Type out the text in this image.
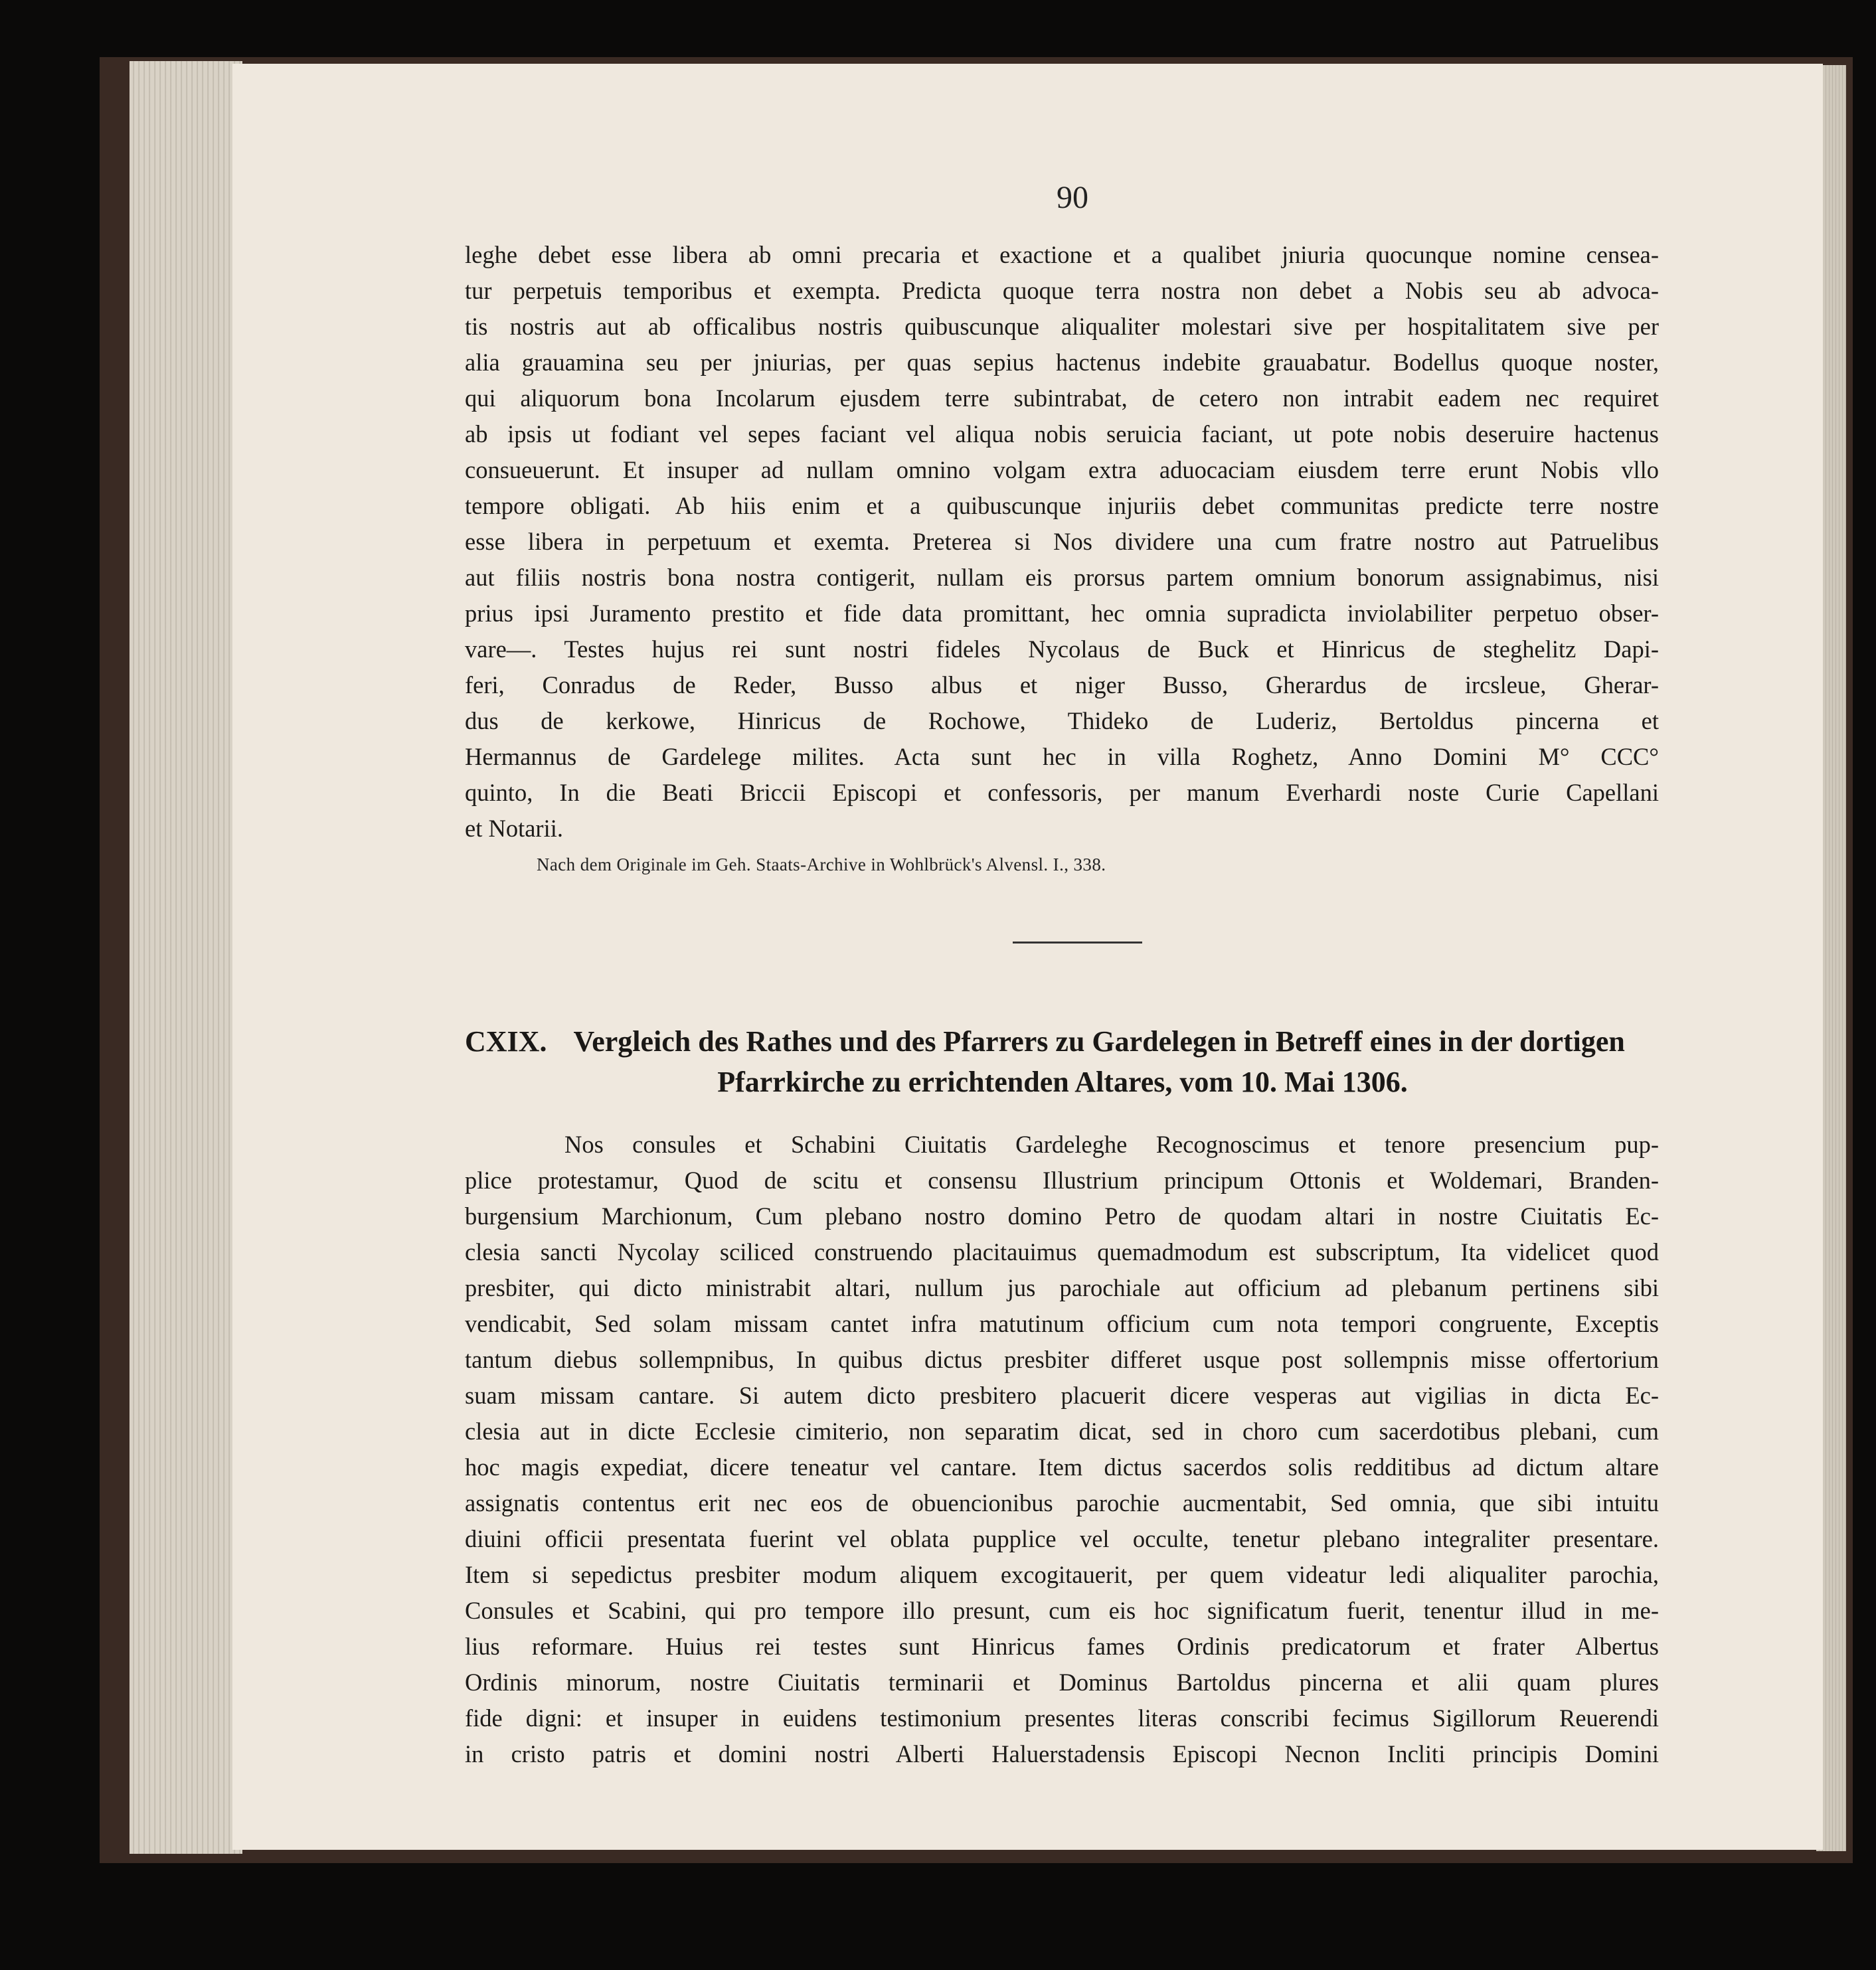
90
leghe debet esse libera ab omni precaria et exactione et a qualibet jniuria quocunque nomine censea-
tur perpetuis temporibus et exempta. Predicta quoque terra nostra non debet a Nobis seu ab advoca-
tis nostris aut ab officalibus nostris quibuscunque aliqualiter molestari sive per hospitalitatem sive per
alia grauamina seu per jniurias, per quas sepius hactenus indebite grauabatur. Bodellus quoque noster,
qui aliquorum bona Incolarum ejusdem terre subintrabat, de cetero non intrabit eadem nec requiret
ab ipsis ut fodiant vel sepes faciant vel aliqua nobis seruicia faciant, ut pote nobis deseruire hactenus
consueuerunt. Et insuper ad nullam omnino volgam extra aduocaciam eiusdem terre erunt Nobis vllo
tempore obligati. Ab hiis enim et a quibuscunque injuriis debet communitas predicte terre nostre
esse libera in perpetuum et exemta. Preterea si Nos dividere una cum fratre nostro aut Patruelibus
aut filiis nostris bona nostra contigerit, nullam eis prorsus partem omnium bonorum assignabimus, nisi
prius ipsi Juramento prestito et fide data promittant, hec omnia supradicta inviolabiliter perpetuo obser-
vare—. Testes hujus rei sunt nostri fideles Nycolaus de Buck et Hinricus de steghelitz Dapi-
feri, Conradus de Reder, Busso albus et niger Busso, Gherardus de ircsleue, Gherar-
dus de kerkowe, Hinricus de Rochowe, Thideko de Luderiz, Bertoldus pincerna et
Hermannus de Gardelege milites. Acta sunt hec in villa Roghetz, Anno Domini M° CCC°
quinto, In die Beati Briccii Episcopi et confessoris, per manum Everhardi noste Curie Capellani
et Notarii.
Nach dem Originale im Geh. Staats-Archive in Wohlbrück's Alvensl. I., 338.
CXIX. Vergleich des Rathes und des Pfarrers zu Gardelegen in Betreff eines in der dortigen
Pfarrkirche zu errichtenden Altares, vom 10. Mai 1306.
Nos consules et Schabini Ciuitatis Gardeleghe Recognoscimus et tenore presencium pup-
plice protestamur, Quod de scitu et consensu Illustrium principum Ottonis et Woldemari, Branden-
burgensium Marchionum, Cum plebano nostro domino Petro de quodam altari in nostre Ciuitatis Ec-
clesia sancti Nycolay sciliced construendo placitauimus quemadmodum est subscriptum, Ita videlicet quod
presbiter, qui dicto ministrabit altari, nullum jus parochiale aut officium ad plebanum pertinens sibi
vendicabit, Sed solam missam cantet infra matutinum officium cum nota tempori congruente, Exceptis
tantum diebus sollempnibus, In quibus dictus presbiter differet usque post sollempnis misse offertorium
suam missam cantare. Si autem dicto presbitero placuerit dicere vesperas aut vigilias in dicta Ec-
clesia aut in dicte Ecclesie cimiterio, non separatim dicat, sed in choro cum sacerdotibus plebani, cum
hoc magis expediat, dicere teneatur vel cantare. Item dictus sacerdos solis redditibus ad dictum altare
assignatis contentus erit nec eos de obuencionibus parochie aucmentabit, Sed omnia, que sibi intuitu
diuini officii presentata fuerint vel oblata pupplice vel occulte, tenetur plebano integraliter presentare.
Item si sepedictus presbiter modum aliquem excogitauerit, per quem videatur ledi aliqualiter parochia,
Consules et Scabini, qui pro tempore illo presunt, cum eis hoc significatum fuerit, tenentur illud in me-
lius reformare. Huius rei testes sunt Hinricus fames Ordinis predicatorum et frater Albertus
Ordinis minorum, nostre Ciuitatis terminarii et Dominus Bartoldus pincerna et alii quam plures
fide digni: et insuper in euidens testimonium presentes literas conscribi fecimus Sigillorum Reuerendi
in cristo patris et domini nostri Alberti Haluerstadensis Episcopi Necnon Incliti principis Domini
